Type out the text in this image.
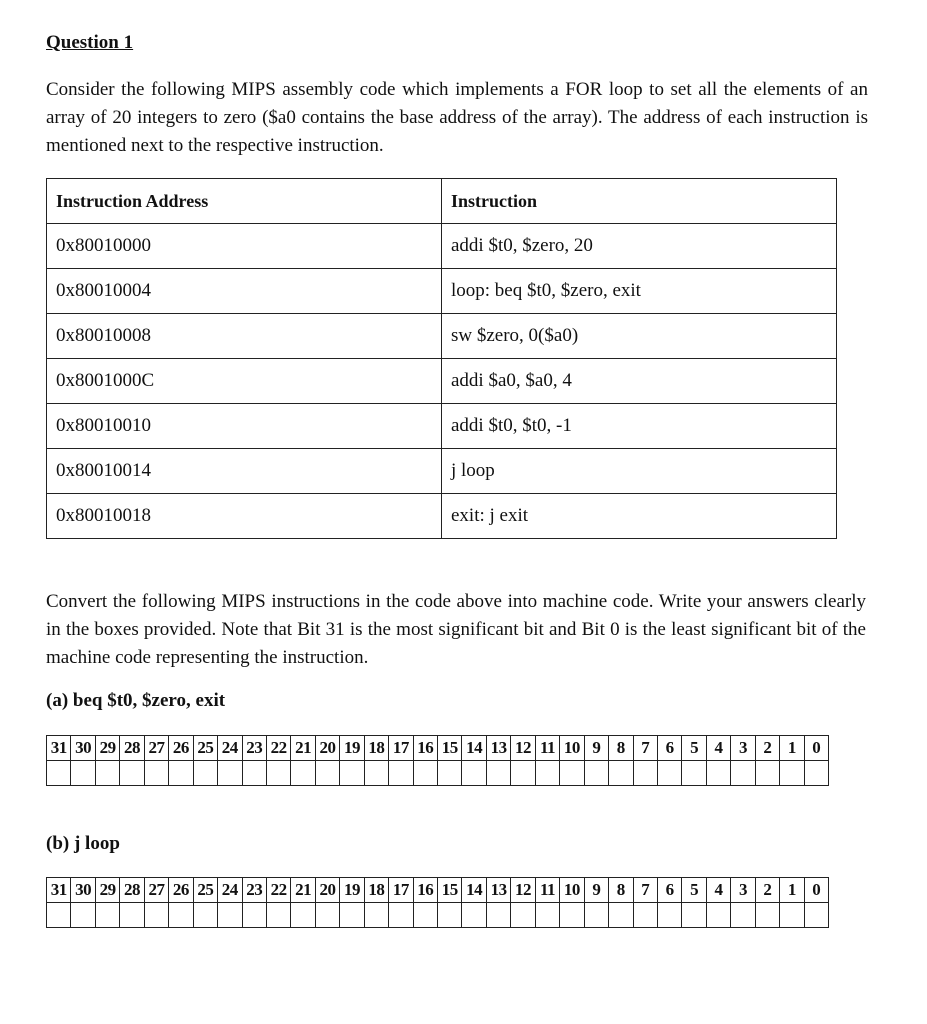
Question 1
Consider the following MIPS assembly code which implements a FOR loop to set all the elements of an array of 20 integers to zero ($a0 contains the base address of the array). The address of each instruction is mentioned next to the respective instruction.
Instruction Address	Instruction
0x80010000	addi $t0, $zero, 20
0x80010004	loop: beq $t0, $zero, exit
0x80010008	sw $zero, 0($a0)
0x8001000C	addi $a0, $a0, 4
0x80010010	addi $t0, $t0, -1
0x80010014	j loop
0x80010018	exit: j exit
Convert the following MIPS instructions in the code above into machine code. Write your answers clearly in the boxes provided. Note that Bit 31 is the most significant bit and Bit 0 is the least significant bit of the machine code representing the instruction.
(a) beq $t0, $zero, exit
31	30	29	28	27	26	25	24	23	22	21	20	19	18	17	16	15	14	13	12	11	10	9	8	7	6	5	4	3	2	1	0

(b) j loop
31	30	29	28	27	26	25	24	23	22	21	20	19	18	17	16	15	14	13	12	11	10	9	8	7	6	5	4	3	2	1	0
